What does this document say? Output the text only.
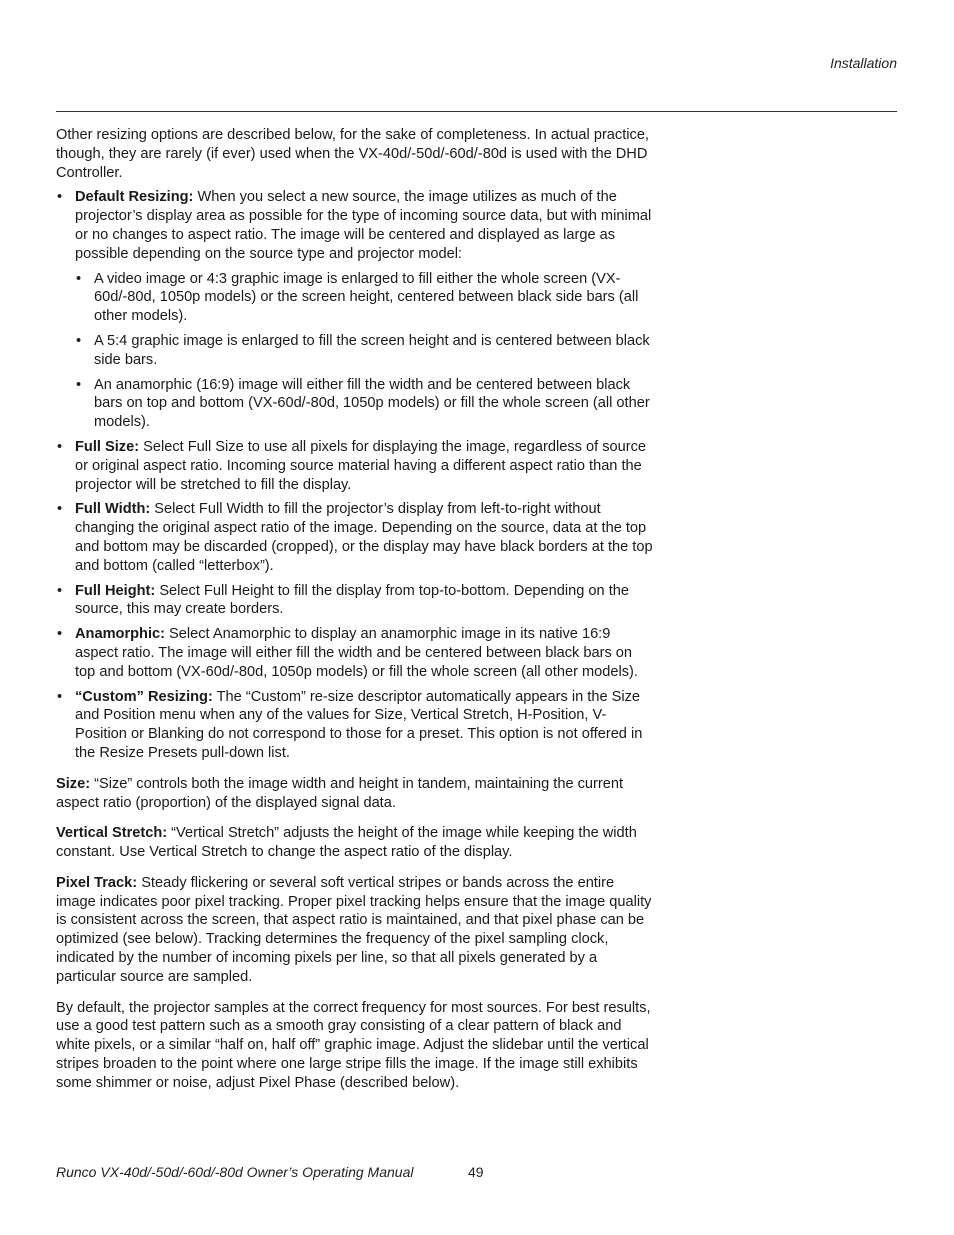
Installation

Other resizing options are described below, for the sake of completeness. In actual practice, though, they are rarely (if ever) used when the VX-40d/-50d/-60d/-80d is used with the DHD Controller.

• Default Resizing: When you select a new source, the image utilizes as much of the projector’s display area as possible for the type of incoming source data, but with minimal or no changes to aspect ratio. The image will be centered and displayed as large as possible depending on the source type and projector model:
• A video image or 4:3 graphic image is enlarged to fill either the whole screen (VX-60d/-80d, 1050p models) or the screen height, centered between black side bars (all other models).
• A 5:4 graphic image is enlarged to fill the screen height and is centered between black side bars.
• An anamorphic (16:9) image will either fill the width and be centered between black bars on top and bottom (VX-60d/-80d, 1050p models) or fill the whole screen (all other models).
• Full Size: Select Full Size to use all pixels for displaying the image, regardless of source or original aspect ratio. Incoming source material having a different aspect ratio than the projector will be stretched to fill the display.
• Full Width: Select Full Width to fill the projector’s display from left-to-right without changing the original aspect ratio of the image. Depending on the source, data at the top and bottom may be discarded (cropped), or the display may have black borders at the top and bottom (called “letterbox”).
• Full Height: Select Full Height to fill the display from top-to-bottom. Depending on the source, this may create borders.
• Anamorphic: Select Anamorphic to display an anamorphic image in its native 16:9 aspect ratio. The image will either fill the width and be centered between black bars on top and bottom (VX-60d/-80d, 1050p models) or fill the whole screen (all other models).
• “Custom” Resizing: The “Custom” re-size descriptor automatically appears in the Size and Position menu when any of the values for Size, Vertical Stretch, H-Position, V-Position or Blanking do not correspond to those for a preset. This option is not offered in the Resize Presets pull-down list.

Size: “Size” controls both the image width and height in tandem, maintaining the current aspect ratio (proportion) of the displayed signal data.

Vertical Stretch: “Vertical Stretch” adjusts the height of the image while keeping the width constant. Use Vertical Stretch to change the aspect ratio of the display.

Pixel Track: Steady flickering or several soft vertical stripes or bands across the entire image indicates poor pixel tracking. Proper pixel tracking helps ensure that the image quality is consistent across the screen, that aspect ratio is maintained, and that pixel phase can be optimized (see below). Tracking determines the frequency of the pixel sampling clock, indicated by the number of incoming pixels per line, so that all pixels generated by a particular source are sampled.

By default, the projector samples at the correct frequency for most sources. For best results, use a good test pattern such as a smooth gray consisting of a clear pattern of black and white pixels, or a similar “half on, half off” graphic image. Adjust the slidebar until the vertical stripes broaden to the point where one large stripe fills the image. If the image still exhibits some shimmer or noise, adjust Pixel Phase (described below).

Runco VX-40d/-50d/-60d/-80d Owner’s Operating Manual	49
